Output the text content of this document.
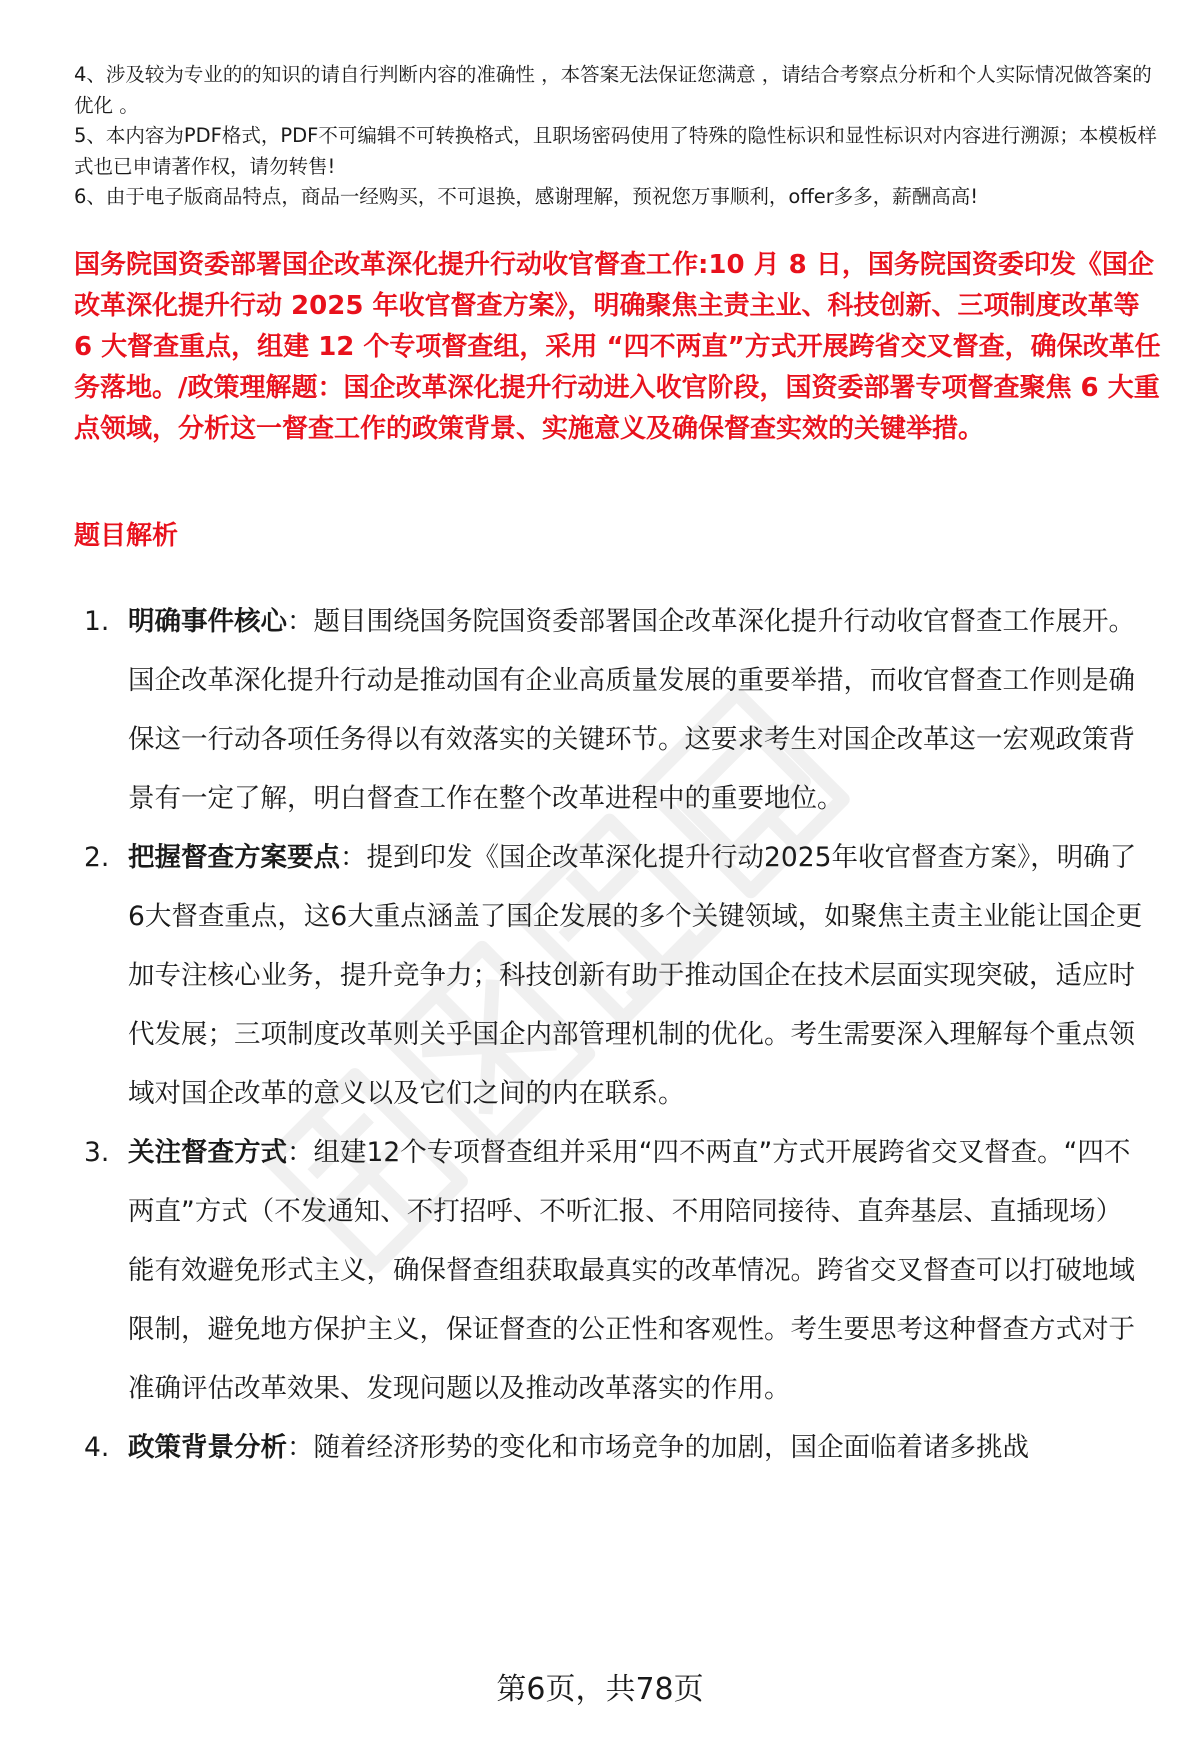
4、涉及较为专业的的知识的请自行判断内容的准确性 ，本答案无法保证您满意 ，请结合考察点分析和个人实际情况做答案的优化 。

5、本内容为PDF格式，PDF不可编辑不可转换格式，且职场密码使用了特殊的隐性标识和显性标识对内容进行溯源；本模板样式也已申请著作权，请勿转售!

6、由于电子版商品特点，商品一经购买，不可退换，感谢理解，预祝您万事顺利，offer多多，薪酬高高!

国务院国资委部署国企改革深化提升行动收官督查工作:10 月 8 日，国务院国资委印发《国企改革深化提升行动 2025 年收官督查方案》，明确聚焦主责主业、科技创新、三项制度改革等 6 大督查重点，组建 12 个专项督查组，采用 “四不两直”方式开展跨省交叉督查，确保改革任务落地。/政策理解题：国企改革深化提升行动进入收官阶段，国资委部署专项督查聚焦 6 大重点领域，分析这一督查工作的政策背景、实施意义及确保督查实效的关键举措。

题目解析

1. 明确事件核心：题目围绕国务院国资委部署国企改革深化提升行动收官督查工作展开。国企改革深化提升行动是推动国有企业高质量发展的重要举措，而收官督查工作则是确保这一行动各项任务得以有效落实的关键环节。这要求考生对国企改革这一宏观政策背景有一定了解，明白督查工作在整个改革进程中的重要地位。
2. 把握督查方案要点：提到印发《国企改革深化提升行动2025年收官督查方案》，明确了6大督查重点，这6大重点涵盖了国企发展的多个关键领域，如聚焦主责主业能让国企更加专注核心业务，提升竞争力；科技创新有助于推动国企在技术层面实现突破，适应时代发展；三项制度改革则关乎国企内部管理机制的优化。考生需要深入理解每个重点领域对国企改革的意义以及它们之间的内在联系。
3. 关注督查方式：组建12个专项督查组并采用“四不两直”方式开展跨省交叉督查。“四不两直”方式（不发通知、不打招呼、不听汇报、不用陪同接待、直奔基层、直插现场）能有效避免形式主义，确保督查组获取最真实的改革情况。跨省交叉督查可以打破地域限制，避免地方保护主义，保证督查的公正性和客观性。考生要思考这种督查方式对于准确评估改革效果、发现问题以及推动改革落实的作用。
4. 政策背景分析：随着经济形势的变化和市场竞争的加剧，国企面临着诸多挑战
第6页，共78页
